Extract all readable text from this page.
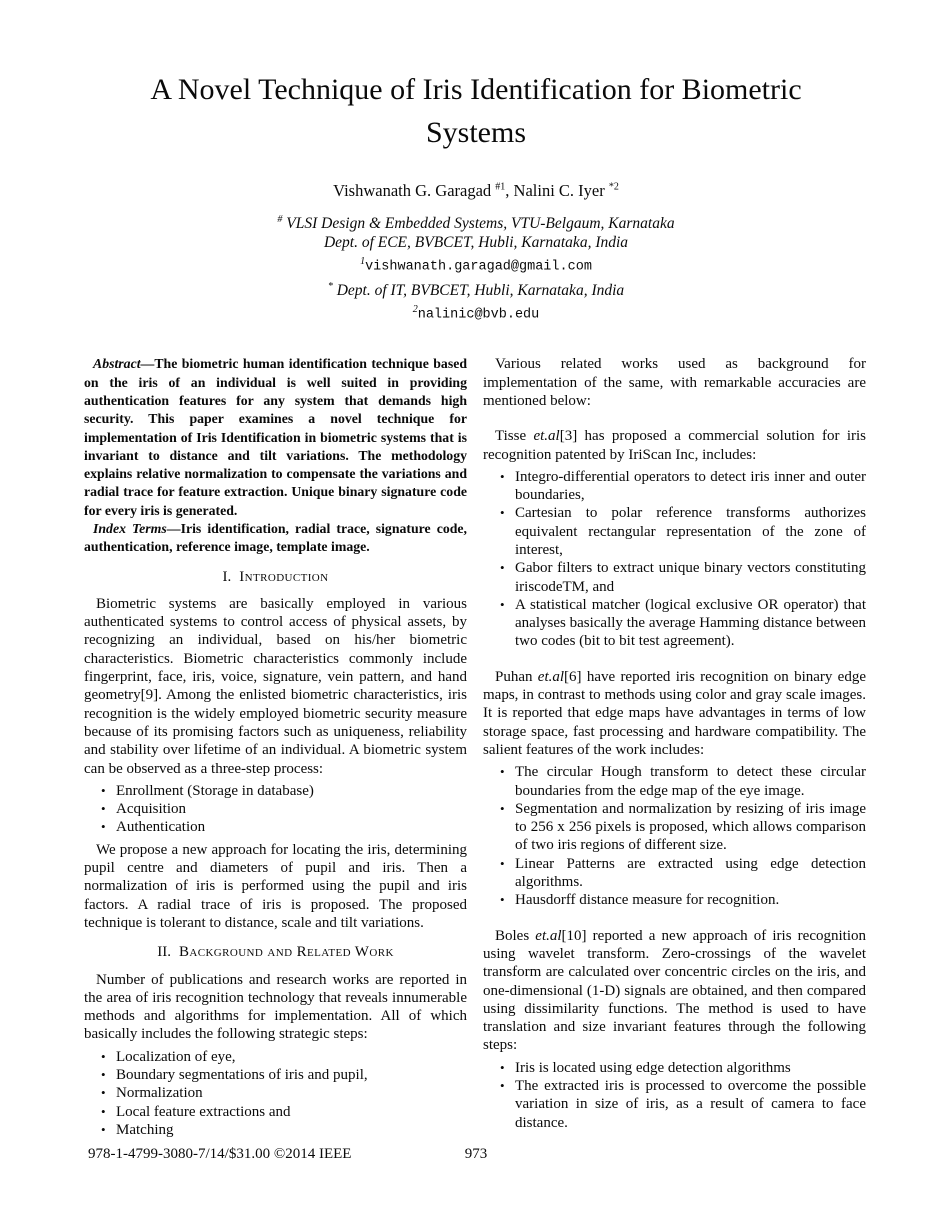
A Novel Technique of Iris Identification for Biometric Systems
Vishwanath G. Garagad $^{\#1}$, Nalini C. Iyer $^{*2}$
# VLSI Design & Embedded Systems, VTU-Belgaum, Karnataka
Dept. of ECE, BVBCET, Hubli, Karnataka, India
$^1$vishwanath.garagad@gmail.com
* Dept. of IT, BVBCET, Hubli, Karnataka, India
$^2$nalinic@bvb.edu

Abstract—The biometric human identification technique based on the iris of an individual is well suited in providing authentication features for any system that demands high security. This paper examines a novel technique for implementation of Iris Identification in biometric systems that is invariant to distance and tilt variations. The methodology explains relative normalization to compensate the variations and radial trace for feature extraction. Unique binary signature code for every iris is generated.

Index Terms—Iris identification, radial trace, signature code, authentication, reference image, template image.

I. Introduction

Biometric systems are basically employed in various authenticated systems to control access of physical assets, by recognizing an individual, based on his/her biometric characteristics. Biometric characteristics commonly include fingerprint, face, iris, voice, signature, vein pattern, and hand geometry[9]. Among the enlisted biometric characteristics, iris recognition is the widely employed biometric security measure because of its promising factors such as uniqueness, reliability and stability over lifetime of an individual. A biometric system can be observed as a three-step process:

• Enrollment (Storage in database)
• Acquisition
• Authentication

We propose a new approach for locating the iris, determining pupil centre and diameters of pupil and iris. Then a normalization of iris is performed using the pupil and iris factors. A radial trace of iris is proposed. The proposed technique is tolerant to distance, scale and tilt variations.

II. Background and Related Work

Number of publications and research works are reported in the area of iris recognition technology that reveals innumerable methods and algorithms for implementation. All of which basically includes the following strategic steps:

• Localization of eye,
• Boundary segmentations of iris and pupil,
• Normalization
• Local feature extractions and
• Matching

Various related works used as background for implementation of the same, with remarkable accuracies are mentioned below:

Tisse et.al[3] has proposed a commercial solution for iris recognition patented by IriScan Inc, includes:

• Integro-differential operators to detect iris inner and outer boundaries,
• Cartesian to polar reference transforms authorizes equivalent rectangular representation of the zone of interest,
• Gabor filters to extract unique binary vectors constituting iriscodeTM, and
• A statistical matcher (logical exclusive OR operator) that analyses basically the average Hamming distance between two codes (bit to bit test agreement).

Puhan et.al[6] have reported iris recognition on binary edge maps, in contrast to methods using color and gray scale images. It is reported that edge maps have advantages in terms of low storage space, fast processing and hardware compatibility. The salient features of the work includes:

• The circular Hough transform to detect these circular boundaries from the edge map of the eye image.
• Segmentation and normalization by resizing of iris image to 256 x 256 pixels is proposed, which allows comparison of two iris regions of different size.
• Linear Patterns are extracted using edge detection algorithms.
• Hausdorff distance measure for recognition.

Boles et.al[10] reported a new approach of iris recognition using wavelet transform. Zero-crossings of the wavelet transform are calculated over concentric circles on the iris, and one-dimensional (1-D) signals are obtained, and then compared using dissimilarity functions. The method is used to have translation and size invariant features through the following steps:

• Iris is located using edge detection algorithms
• The extracted iris is processed to overcome the possible variation in size of iris, as a result of camera to face distance.
978-1-4799-3080-7/14/$31.00 ©2014 IEEE	973
